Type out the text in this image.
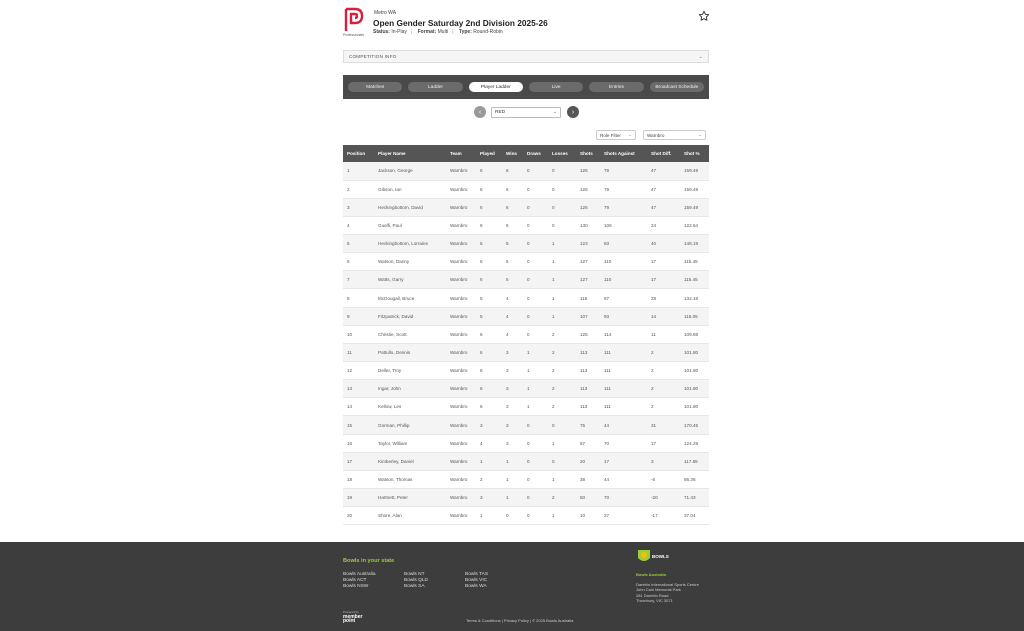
Professionals
Metro WA
Open Gender Saturday 2nd Division 2025-26
Status: In-Play | Format: Multi | Type: Round-Robin
COMPETITION INFO	⌄
Matches	Ladder	Player Ladder	Live	Entries	Broadcast Schedule
‹	RED	⌄	›
Role Filter ⌄	Warnbro	⌄
Position	Player Name	Team	Played	Wins	Draws	Losses	Shots	Shots Against	Shot Diff.	Shot %
1	Jackson, George	Warnbro	6	6	0	0	126	79	47	159.49
2	Gibson, Ian	Warnbro	6	6	0	0	126	79	47	159.49
3	Heckingbottom, David	Warnbro	6	6	0	0	126	79	47	159.49
4	Guelfi, Paul	Warnbro	6	6	0	0	130	106	24	122.64
5	Heckingbottom, Lorraine	Warnbro	6	5	0	1	123	83	40	148.19
6	Watson, Danny	Warnbro	6	5	0	1	127	110	17	115.45
7	Watts, Garry	Warnbro	6	5	0	1	127	110	17	115.45
8	McDougall, Bruce	Warnbro	5	4	0	1	115	87	28	132.18
9	Fitzpatrick, David	Warnbro	5	4	0	1	107	93	14	115.05
10	Christie, Scott	Warnbro	6	4	0	2	125	114	11	109.65
11	Pattullo, Dennis	Warnbro	6	3	1	2	113	111	2	101.80
12	Deller, Troy	Warnbro	6	3	1	2	113	111	2	101.80
13	Ingar, John	Warnbro	6	3	1	2	113	111	2	101.80
14	Kellow, Les	Warnbro	6	3	1	2	113	111	2	101.80
15	Gorman, Phillip	Warnbro	3	3	0	0	75	44	31	170.45
16	Taylor, William	Warnbro	4	3	0	1	87	70	17	124.29
17	Kimberley, Daniel	Warnbro	1	1	0	0	20	17	3	117.65
18	Watson, Thomas	Warnbro	2	1	0	1	38	44	-6	86.36
19	Hartnett, Peter	Warnbro	3	1	0	2	50	70	-20	71.43
20	Shore, Alan	Warnbro	1	0	0	1	10	27	-17	37.04
Bowls in your state
Bowls Australia
Bowls ACT
Bowls NSW
Bowls NT
Bowls QLD
Bowls SA
Bowls TAS
Bowls VIC
Bowls WA
BOWLS
Bowls Australia
Darebin International Sports Centre
John Cain Memorial Park
281 Darebin Road
Thornbury, VIC 3071
Powered by
member
point	Terms & Conditions | Privacy Policy | © 2025 Bowls Australia
